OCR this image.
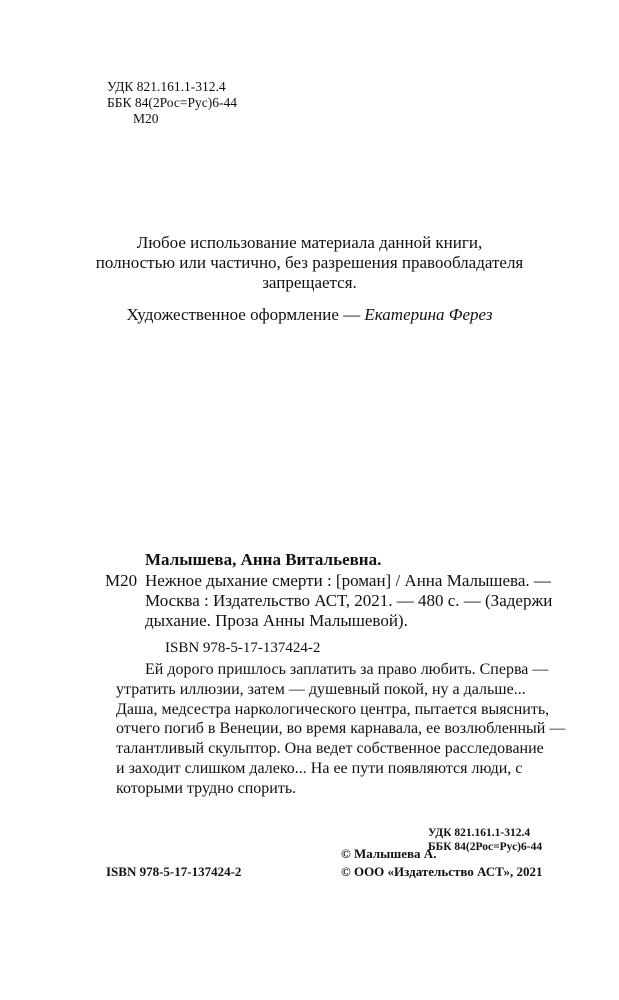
УДК 821.161.1-312.4
ББК 84(2Рос=Рус)6-44
М20
Любое использование материала данной книги,
полностью или частично, без разрешения правообладателя
запрещается.
Художественное оформление — Екатерина Ферез
Малышева, Анна Витальевна.
М20 Нежное дыхание смерти : [роман] / Анна Малышева. —
Москва : Издательство АСТ, 2021. — 480 с. — (Задержи
дыхание. Проза Анны Малышевой).
ISBN 978-5-17-137424-2
Ей дорого пришлось заплатить за право любить. Сперва —
утратить иллюзии, затем — душевный покой, ну а дальше...
Даша, медсестра наркологического центра, пытается выяснить,
отчего погиб в Венеции, во время карнавала, ее возлюбленный —
талантливый скульптор. Она ведет собственное расследование
и заходит слишком далеко... На ее пути появляются люди, с
которыми трудно спорить.
УДК 821.161.1-312.4
ББК 84(2Рос=Рус)6-44
ISBN 978-5-17-137424-2
© Малышева А.
© ООО «Издательство АСТ», 2021
